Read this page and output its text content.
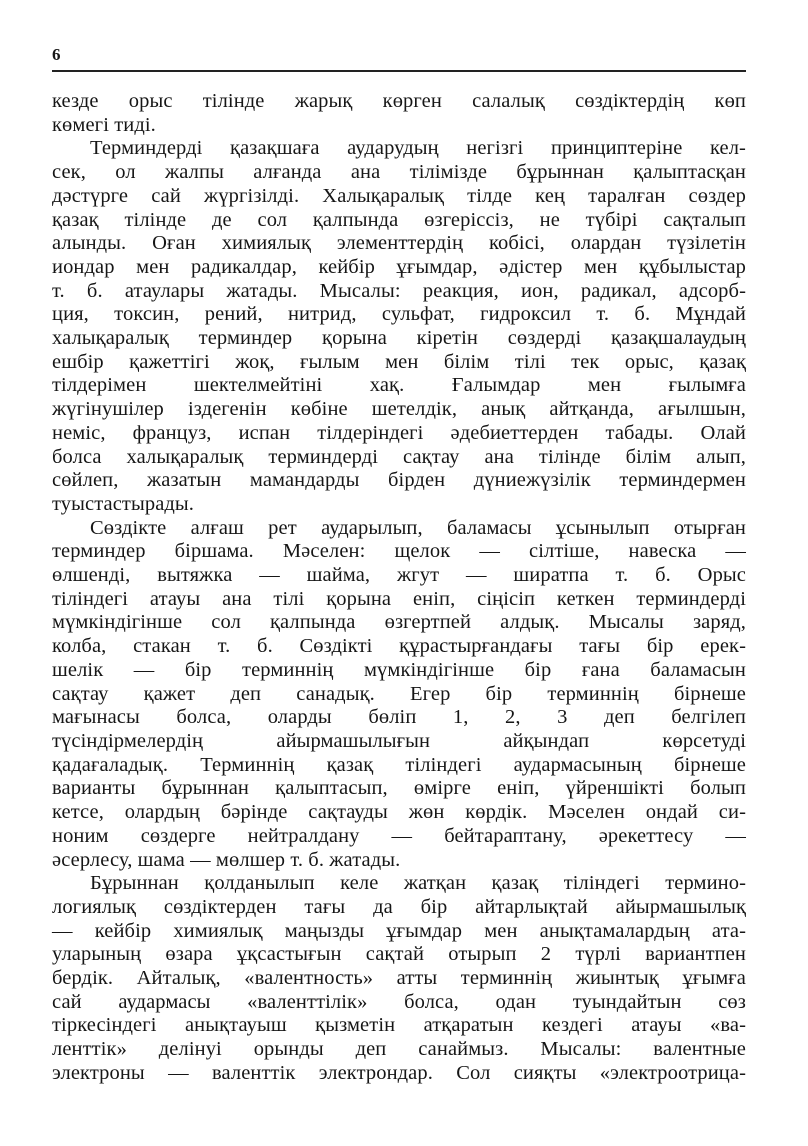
6
кезде орыс тілінде жарық көрген салалық сөздіктердің көп
көмегі тиді.
Терминдерді қазақшаға аударудың негізгі принциптеріне кел-
сек, ол жалпы алғанда ана тілімізде бұрыннан қалыптасқан
дәстүрге сай жүргізілді. Халықаралық тілде кең таралған сөздер
қазақ тілінде де сол қалпында өзгеріссіз, не түбірі сақталып
алынды. Оған химиялық элементтердің кобісі, олардан түзілетін
иондар мен радикалдар, кейбір ұғымдар, әдістер мен құбылыстар
т. б. атаулары жатады. Мысалы: реакция, ион, радикал, адсорб-
ция, токсин, рений, нитрид, сульфат, гидроксил т. б. Мұндай
халықаралық терминдер қорына кіретін сөздерді қазақшалаудың
ешбір қажеттігі жоқ, ғылым мен білім тілі тек орыс, қазақ
тілдерімен шектелмейтіні хақ. Ғалымдар мен ғылымға
жүгінушілер іздегенін көбіне шетелдік, анық айтқанда, ағылшын,
неміс, француз, испан тілдеріндегі әдебиеттерден табады. Олай
болса халықаралық терминдерді сақтау ана тілінде білім алып,
сөйлеп, жазатын мамандарды бірден дүниежүзілік терминдермен
туыстастырады.
Сөздікте алғаш рет аударылып, баламасы ұсынылып отырған
терминдер біршама. Мәселен: щелок — сілтіше, навеска —
өлшенді, вытяжка — шайма, жгут — ширатпа т. б. Орыс
тіліндегі атауы ана тілі қорына еніп, сіңісіп кеткен терминдерді
мүмкіндігінше сол қалпында өзгертпей алдық. Мысалы заряд,
колба, стакан т. б. Сөздікті құрастырғандағы тағы бір ерек-
шелік — бір терминнің мүмкіндігінше бір ғана баламасын
сақтау қажет деп санадық. Егер бір терминнің бірнеше
мағынасы болса, оларды бөліп 1, 2, 3 деп белгілеп
түсіндірмелердің айырмашылығын айқындап көрсетуді
қадағаладық. Терминнің қазақ тіліндегі аудармасының бірнеше
варианты бұрыннан қалыптасып, өмірге еніп, үйреншікті болып
кетсе, олардың бәрінде сақтауды жөн көрдік. Мәселен ондай си-
ноним сөздерге нейтралдану — бейтараптану, әрекеттесу —
әсерлесу, шама — мөлшер т. б. жатады.
Бұрыннан қолданылып келе жатқан қазақ тіліндегі термино-
логиялық сөздіктерден тағы да бір айтарлықтай айырмашылық
— кейбір химиялық маңызды ұғымдар мен анықтамалардың ата-
уларының өзара ұқсастығын сақтай отырып 2 түрлі вариантпен
бердік. Айталық, «валентность» атты терминнің жиынтық ұғымға
сай аудармасы «валенттілік» болса, одан туындайтын сөз
тіркесіндегі анықтауыш қызметін атқаратын кездегі атауы «ва-
ленттік» делінуі орынды деп санаймыз. Мысалы: валентные
электроны — валенттік электрондар. Сол сияқты «электроотрица-
